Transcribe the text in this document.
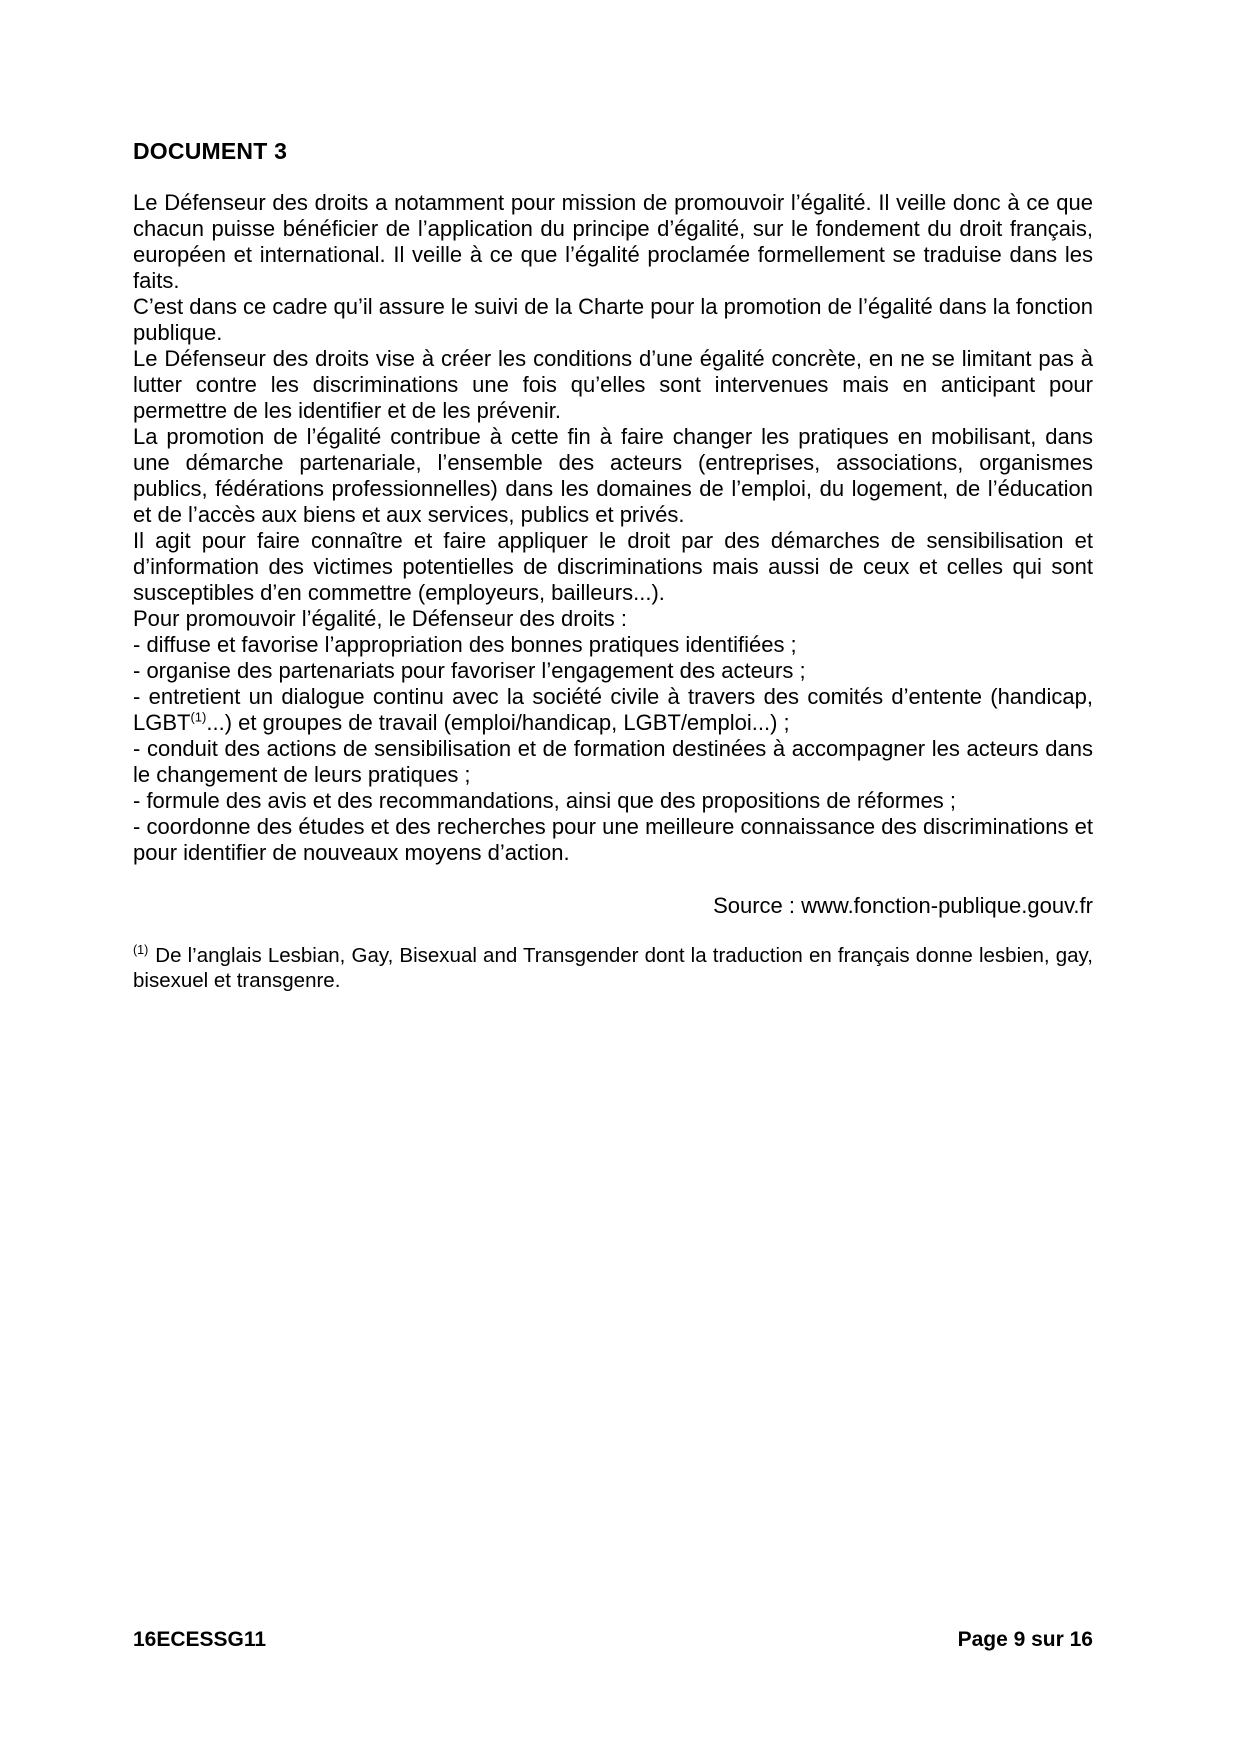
DOCUMENT 3

Le Défenseur des droits a notamment pour mission de promouvoir l’égalité. Il veille donc à ce que chacun puisse bénéficier de l’application du principe d’égalité, sur le fondement du droit français, européen et international. Il veille à ce que l’égalité proclamée formellement se traduise dans les faits.

C’est dans ce cadre qu’il assure le suivi de la Charte pour la promotion de l’égalité dans la fonction publique.

Le Défenseur des droits vise à créer les conditions d’une égalité concrète, en ne se limitant pas à lutter contre les discriminations une fois qu’elles sont intervenues mais en anticipant pour permettre de les identifier et de les prévenir.

La promotion de l’égalité contribue à cette fin à faire changer les pratiques en mobilisant, dans une démarche partenariale, l’ensemble des acteurs (entreprises, associations, organismes publics, fédérations professionnelles) dans les domaines de l’emploi, du logement, de l’éducation et de l’accès aux biens et aux services, publics et privés.

Il agit pour faire connaître et faire appliquer le droit par des démarches de sensibilisation et d’information des victimes potentielles de discriminations mais aussi de ceux et celles qui sont susceptibles d’en commettre (employeurs, bailleurs...).

Pour promouvoir l’égalité, le Défenseur des droits :

- diffuse et favorise l’appropriation des bonnes pratiques identifiées ;

- organise des partenariats pour favoriser l’engagement des acteurs ;

- entretient un dialogue continu avec la société civile à travers des comités d’entente (handicap, LGBT$^{(1)}$...) et groupes de travail (emploi/handicap, LGBT/emploi...) ;

- conduit des actions de sensibilisation et de formation destinées à accompagner les acteurs dans le changement de leurs pratiques ;

- formule des avis et des recommandations, ainsi que des propositions de réformes ;

- coordonne des études et des recherches pour une meilleure connaissance des discriminations et pour identifier de nouveaux moyens d’action.

Source : www.fonction-publique.gouv.fr
$^{(1)}$ De l’anglais Lesbian, Gay, Bisexual and Transgender dont la traduction en français donne lesbien, gay, bisexuel et transgenre.
16ECESSG11	Page 9 sur 16
